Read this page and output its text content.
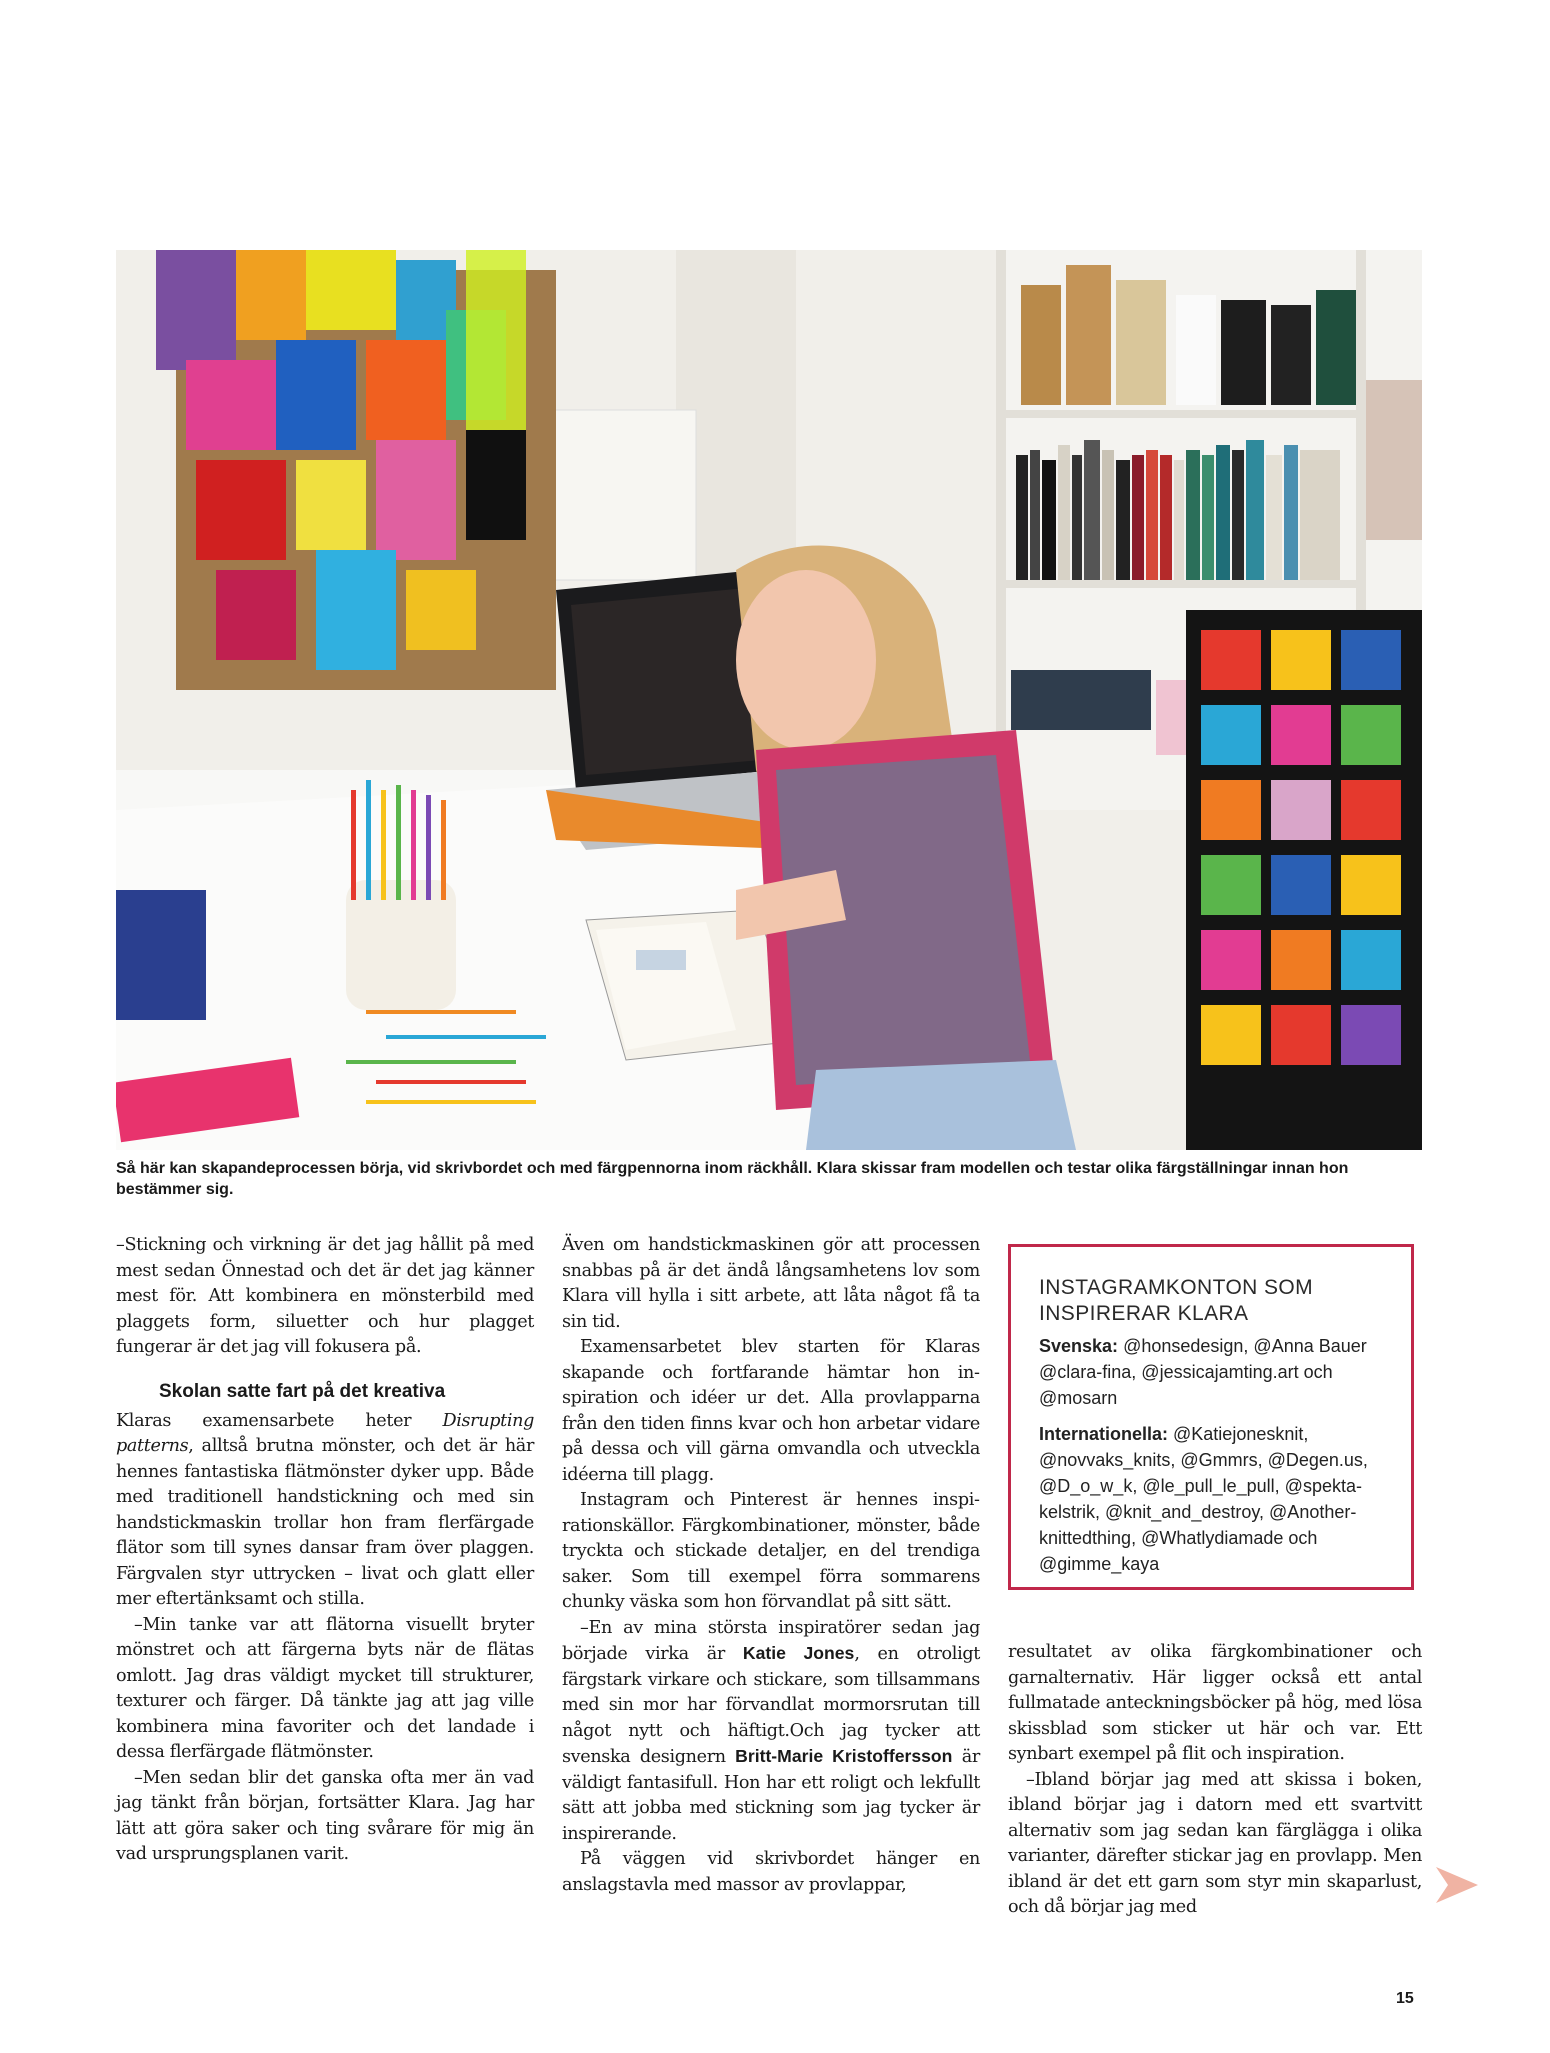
Så här kan skapandeprocessen börja, vid skrivbordet och med färgpennorna inom räckhåll. Klara skissar fram modellen och testar olika färgställningar innan hon bestämmer sig.

–Stickning och virkning är det jag hållit på med mest sedan Önnestad och det är det jag känner mest för. Att kombinera en mönsterbild med plaggets form, siluetter och hur plagget fungerar är det jag vill fokusera på.

Skolan satte fart på det kreativa

Klaras examensarbete heter Disrupting patterns, alltså brutna mönster, och det är här hennes fantastiska flätmönster dyker upp. Både med traditionell handstickning och med sin handstickmaskin trollar hon fram flerfärgade flätor som till synes dansar fram över plaggen. Färgvalen styr uttrycken – livat och glatt eller mer eftertänksamt och stilla.

–Min tanke var att flätorna visuellt bryter mönstret och att färgerna byts när de flätas omlott. Jag dras väldigt mycket till strukturer, texturer och färger. Då tänkte jag att jag ville kombinera mina favoriter och det landade i dessa flerfärgade flätmönster.

–Men sedan blir det ganska ofta mer än vad jag tänkt från början, fortsätter Klara. Jag har lätt att göra saker och ting svårare för mig än vad ursprungsplanen varit.

Även om handstickmaskinen gör att processen snabbas på är det ändå långsamhetens lov som Klara vill hylla i sitt arbete, att låta något få ta sin tid.

Examensarbetet blev starten för Klaras skapande och fortfarande hämtar hon inspiration och idéer ur det. Alla provlapparna från den tiden finns kvar och hon arbetar vidare på dessa och vill gärna omvandla och utveckla idéerna till plagg.

Instagram och Pinterest är hennes inspirationskällor. Färgkombinationer, mönster, både tryckta och stickade detaljer, en del trendiga saker. Som till exempel förra sommarens chunky väska som hon förvandlat på sitt sätt.

–En av mina största inspiratörer sedan jag började virka är Katie Jones, en otroligt färgstark virkare och stickare, som tillsammans med sin mor har förvandlat mormorsrutan till något nytt och häftigt.Och jag tycker att svenska designern Britt-Marie Kristoffersson är väldigt fantasifull. Hon har ett roligt och lekfullt sätt att jobba med stickning som jag tycker är inspirerande.

På väggen vid skrivbordet hänger en anslagstavla med massor av provlappar,

INSTAGRAMKONTON SOM
INSPIRERAR KLARA
Svenska: @honsedesign, @Anna Bauer @clara-fina, @jessicajamting.art och @mosarn
Internationella: @Katiejonesknit, @novvaks_knits, @Gmmrs, @Degen.us, @D_o_w_k, @le_pull_le_pull, @spektakelstrik, @knit_and_destroy, @Anotherknittedthing, @Whatlydiamade och @gimme_kaya

resultatet av olika färgkombinationer och garnalternativ. Här ligger också ett antal fullmatade anteckningsböcker på hög, med lösa skissblad som sticker ut här och var. Ett synbart exempel på flit och inspiration.

–Ibland börjar jag med att skissa i boken, ibland börjar jag i datorn med ett svartvitt alternativ som jag sedan kan färglägga i olika varianter, därefter stickar jag en provlapp. Men ibland är det ett garn som styr min skaparlust, och då börjar jag med

15
